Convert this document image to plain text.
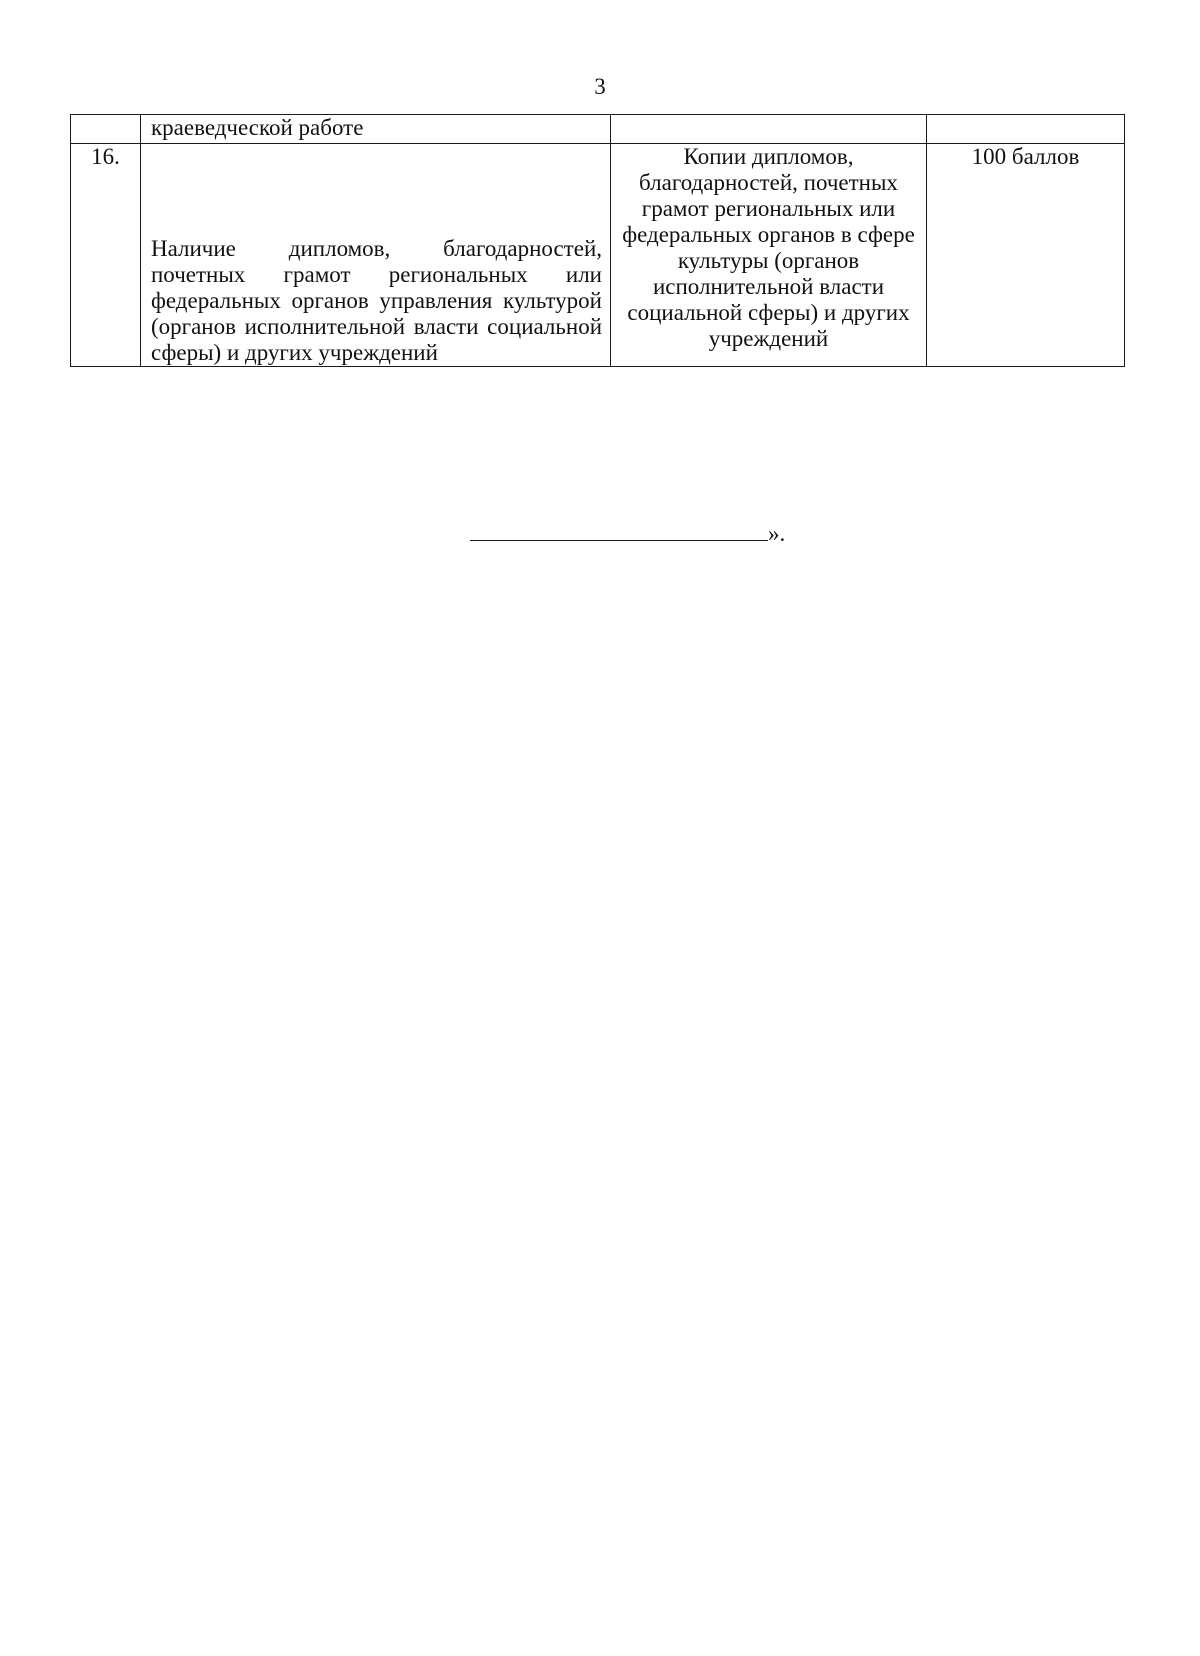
3
	краеведческой работе		
16.	Наличие дипломов, благодарностей, почетных грамот региональных или федеральных органов управления культурой (органов исполнительной власти социальной сферы) и других учреждений	Копии дипломов, благодарностей, почетных грамот региональных или федеральных органов в сфере культуры (органов исполнительной власти социальной сферы) и других учреждений	100 баллов
».
